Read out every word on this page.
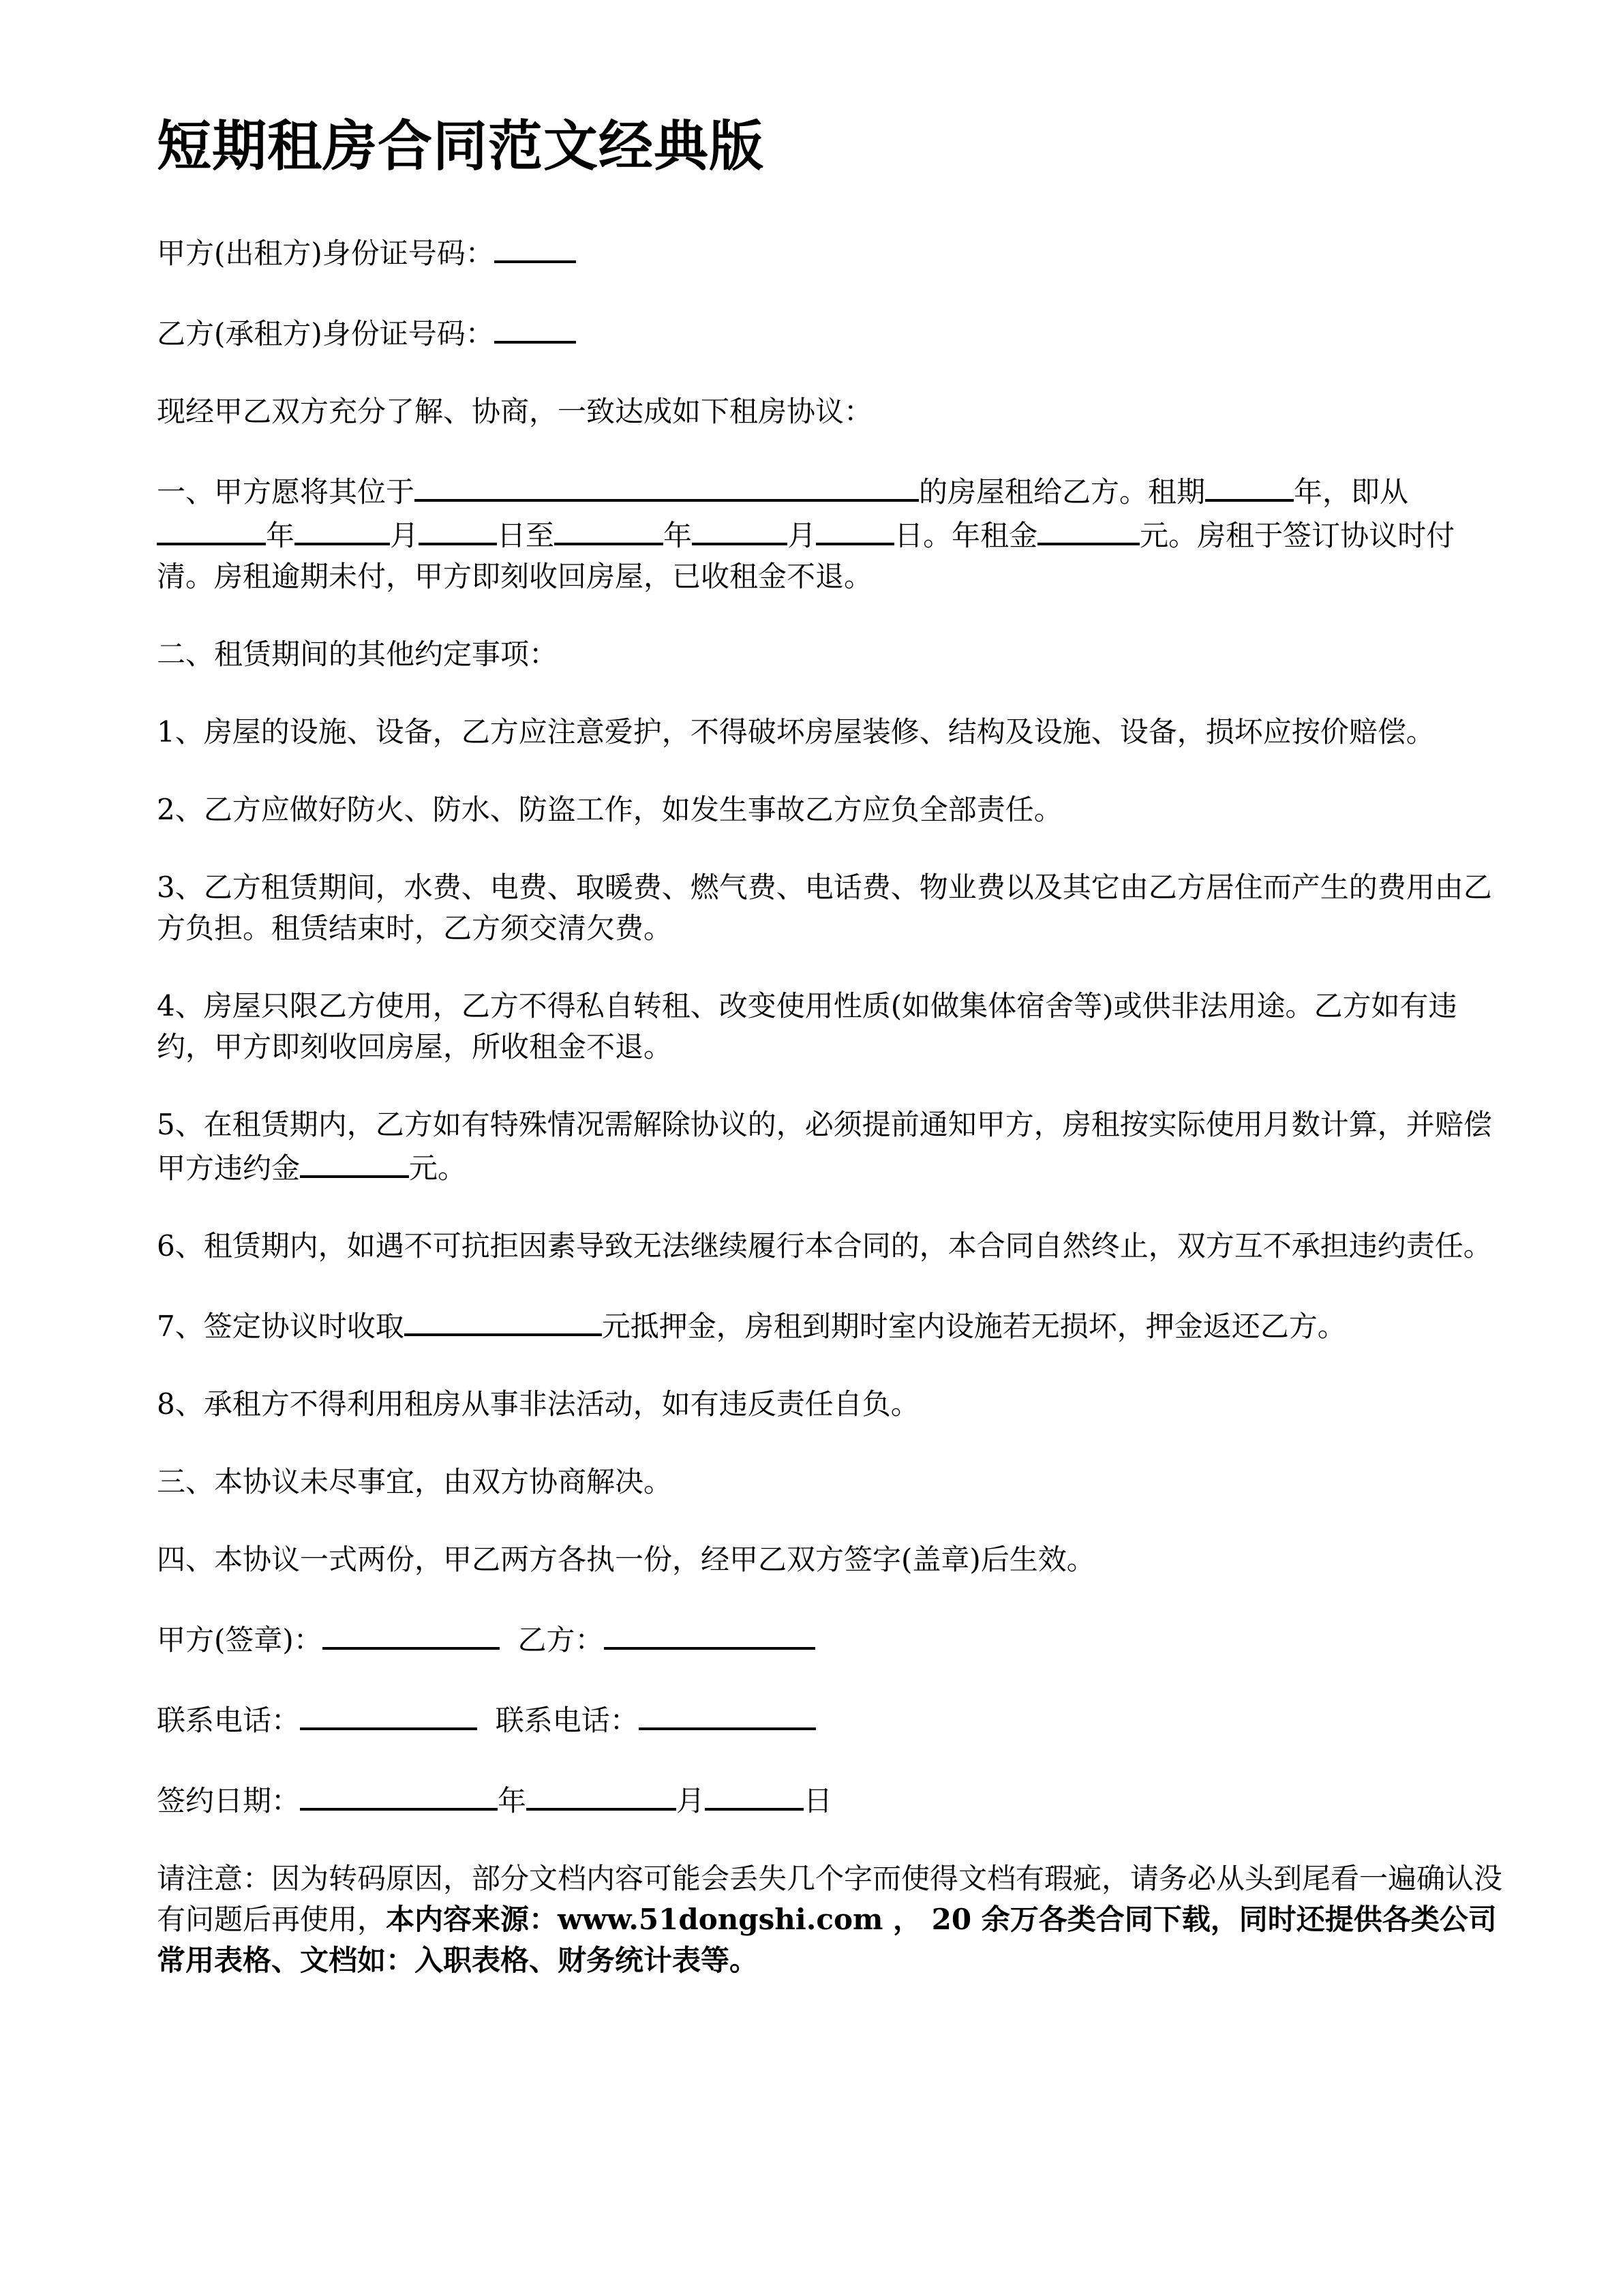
短期租房合同范文经典版

甲方(出租方)身份证号码：

乙方(承租方)身份证号码：

现经甲乙双方充分了解、协商，一致达成如下租房协议：

一、甲方愿将其位于	的房屋租给乙方。租期	年，即从年	月	日至	年	月	日。年租金	元。房租于签订协议时付清。房租逾期未付，甲方即刻收回房屋，已收租金不退。

二、租赁期间的其他约定事项：

1、房屋的设施、设备，乙方应注意爱护，不得破坏房屋装修、结构及设施、设备，损坏应按价赔偿。

2、乙方应做好防火、防水、防盗工作，如发生事故乙方应负全部责任。

3、乙方租赁期间，水费、电费、取暖费、燃气费、电话费、物业费以及其它由乙方居住而产生的费用由乙方负担。租赁结束时，乙方须交清欠费。

4、房屋只限乙方使用，乙方不得私自转租、改变使用性质(如做集体宿舍等)或供非法用途。乙方如有违约，甲方即刻收回房屋，所收租金不退。

5、在租赁期内，乙方如有特殊情况需解除协议的，必须提前通知甲方，房租按实际使用月数计算，并赔偿甲方违约金	元。

6、租赁期内，如遇不可抗拒因素导致无法继续履行本合同的，本合同自然终止，双方互不承担违约责任。

7、签定协议时收取	元抵押金，房租到期时室内设施若无损坏，押金返还乙方。

8、承租方不得利用租房从事非法活动，如有违反责任自负。

三、本协议未尽事宜，由双方协商解决。

四、本协议一式两份，甲乙两方各执一份，经甲乙双方签字(盖章)后生效。

甲方(签章)：	乙方：

联系电话：	联系电话：

签约日期：	年	月	日

请注意：因为转码原因，部分文档内容可能会丢失几个字而使得文档有瑕疵，请务必从头到尾看一遍确认没有问题后再使用，本内容来源：www.51dongshi.com ， 20 余万各类合同下载，同时还提供各类公司常用表格、文档如：入职表格、财务统计表等。
